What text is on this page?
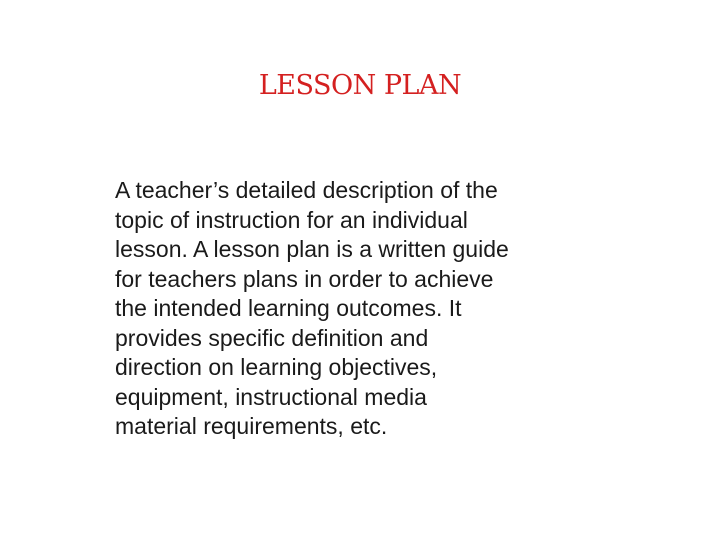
LESSON PLAN

A teacher’s detailed description of the
topic of instruction for an individual
lesson. A lesson plan is a written guide
for teachers plans in order to achieve
the intended learning outcomes. It
provides specific definition and
direction on learning objectives,
equipment, instructional media
material requirements, etc.
